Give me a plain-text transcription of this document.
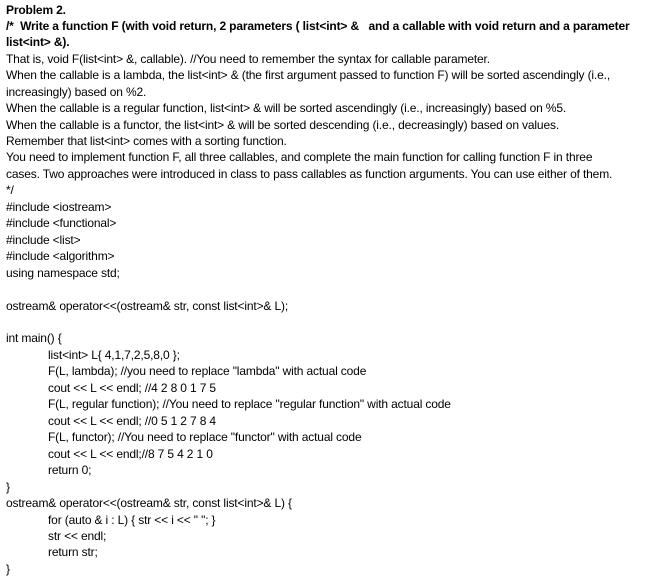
Problem 2.
/*  Write a function F (with void return, 2 parameters ( list<int> &   and a callable with void return and a parameter
list<int> &).
That is, void F(list<int> &, callable). //You need to remember the syntax for callable parameter.
When the callable is a lambda, the list<int> & (the first argument passed to function F) will be sorted ascendingly (i.e.,
increasingly) based on %2.
When the callable is a regular function, list<int> & will be sorted ascendingly (i.e., increasingly) based on %5.
When the callable is a functor, the list<int> & will be sorted descending (i.e., decreasingly) based on values.
Remember that list<int> comes with a sorting function.
You need to implement function F, all three callables, and complete the main function for calling function F in three
cases. Two approaches were introduced in class to pass callables as function arguments. You can use either of them.
*/
#include <iostream>
#include <functional>
#include <list>
#include <algorithm>
using namespace std;
ostream& operator<<(ostream& str, const list<int>& L);
int main() {
list<int> L{ 4,1,7,2,5,8,0 };
F(L, lambda); //you need to replace "lambda" with actual code
cout << L << endl; //4 2 8 0 1 7 5
F(L, regular function); //You need to replace "regular function" with actual code
cout << L << endl; //0 5 1 2 7 8 4
F(L, functor); //You need to replace "functor" with actual code
cout << L << endl;//8 7 5 4 2 1 0
return 0;
}
ostream& operator<<(ostream& str, const list<int>& L) {
for (auto & i : L) { str << i << " "; }
str << endl;
return str;
}
